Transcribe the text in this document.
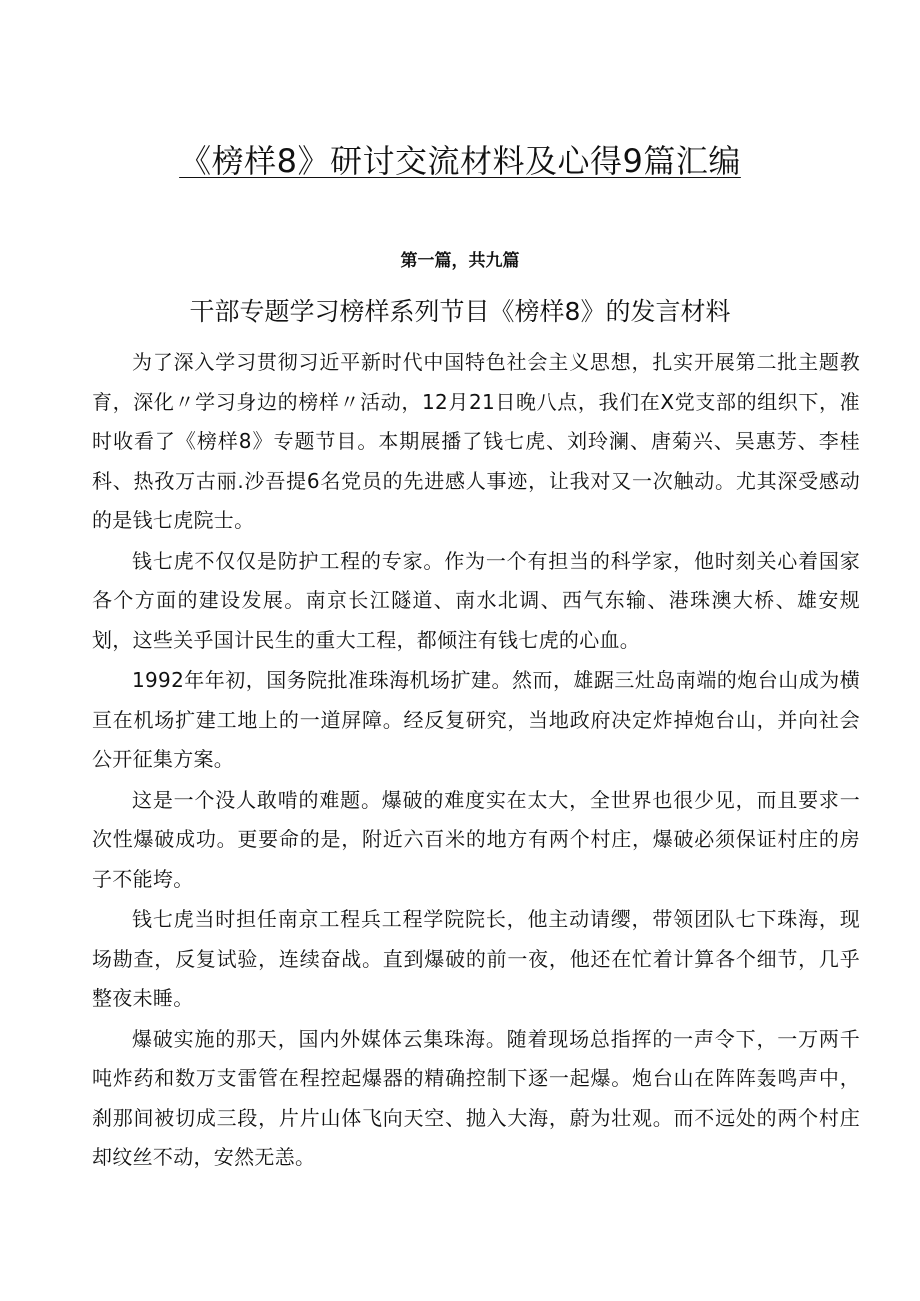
《榜样8》研讨交流材料及心得9篇汇编
第一篇，共九篇
干部专题学习榜样系列节目《榜样8》的发言材料

为了深入学习贯彻习近平新时代中国特色社会主义思想，扎实开展第二批主题教育，深化〃学习身边的榜样〃活动，12月21日晚八点，我们在X党支部的组织下，准时收看了《榜样8》专题节目。本期展播了钱七虎、刘玲澜、唐菊兴、吴惠芳、李桂科、热孜万古丽.沙吾提6名党员的先进感人事迹，让我对又一次触动。尤其深受感动的是钱七虎院士。

钱七虎不仅仅是防护工程的专家。作为一个有担当的科学家，他时刻关心着国家各个方面的建设发展。南京长江隧道、南水北调、西气东输、港珠澳大桥、雄安规划，这些关乎国计民生的重大工程，都倾注有钱七虎的心血。

1992年年初，国务院批准珠海机场扩建。然而，雄踞三灶岛南端的炮台山成为横亘在机场扩建工地上的一道屏障。经反复研究，当地政府决定炸掉炮台山，并向社会公开征集方案。

这是一个没人敢啃的难题。爆破的难度实在太大，全世界也很少见，而且要求一次性爆破成功。更要命的是，附近六百米的地方有两个村庄，爆破必须保证村庄的房子不能垮。

钱七虎当时担任南京工程兵工程学院院长，他主动请缨，带领团队七下珠海，现场勘查，反复试验，连续奋战。直到爆破的前一夜，他还在忙着计算各个细节，几乎整夜未睡。

爆破实施的那天，国内外媒体云集珠海。随着现场总指挥的一声令下，一万两千吨炸药和数万支雷管在程控起爆器的精确控制下逐一起爆。炮台山在阵阵轰鸣声中，刹那间被切成三段，片片山体飞向天空、抛入大海，蔚为壮观。而不远处的两个村庄却纹丝不动，安然无恙。
